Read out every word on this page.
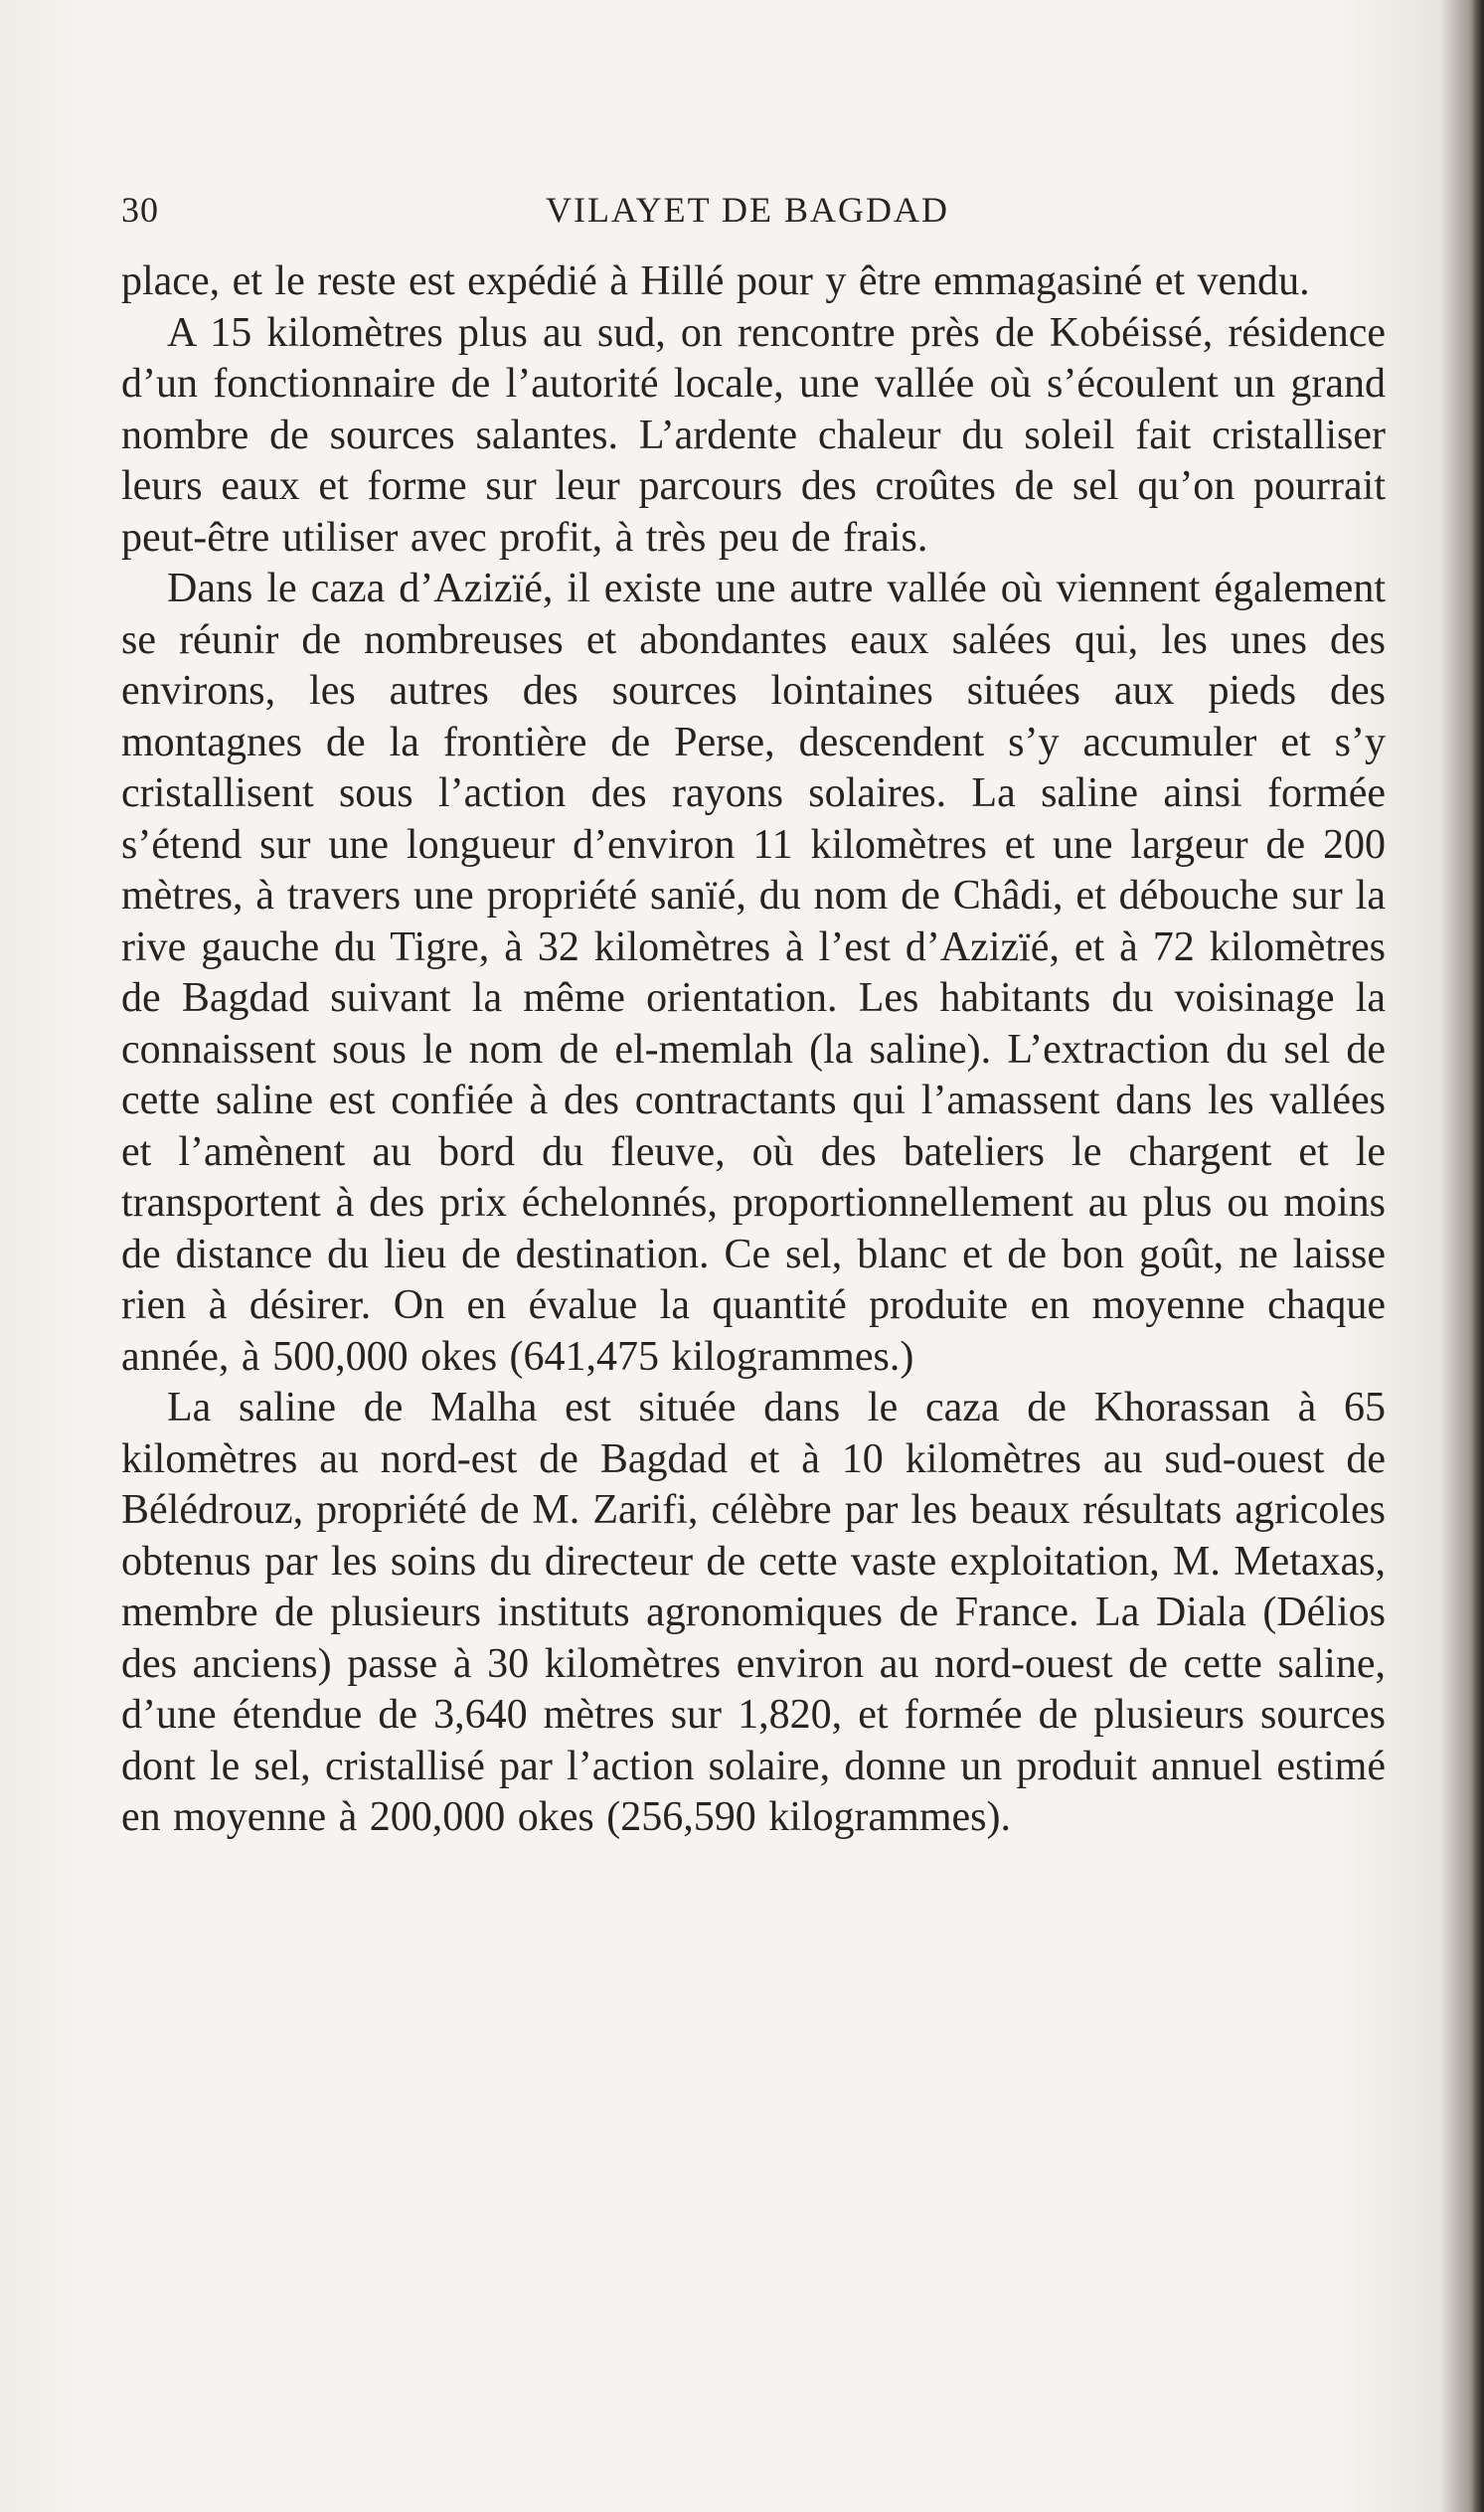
30	VILAYET DE BAGDAD

place, et le reste est expédié à Hillé pour y être emmagasiné et vendu.

A 15 kilomètres plus au sud, on rencontre près de Kobéissé, résidence d’un fonctionnaire de l’autorité locale, une vallée où s’écoulent un grand nombre de sources salantes. L’ardente chaleur du soleil fait cristalliser leurs eaux et forme sur leur parcours des croûtes de sel qu’on pourrait peut-être utiliser avec profit, à très peu de frais.

Dans le caza d’Azizïé, il existe une autre vallée où viennent également se réunir de nombreuses et abondantes eaux salées qui, les unes des environs, les autres des sources lointaines situées aux pieds des montagnes de la frontière de Perse, descendent s’y accumuler et s’y cristallisent sous l’action des rayons solaires. La saline ainsi formée s’étend sur une longueur d’environ 11 kilomètres et une largeur de 200 mètres, à travers une propriété sanïé, du nom de Châdi, et débouche sur la rive gauche du Tigre, à 32 kilomètres à l’est d’Azizïé, et à 72 kilomètres de Bagdad suivant la même orientation. Les habitants du voisinage la connaissent sous le nom de el-memlah (la saline). L’extraction du sel de cette saline est confiée à des contractants qui l’amassent dans les vallées et l’amènent au bord du fleuve, où des bateliers le chargent et le transportent à des prix échelonnés, proportionnellement au plus ou moins de distance du lieu de destination. Ce sel, blanc et de bon goût, ne laisse rien à désirer. On en évalue la quantité produite en moyenne chaque année, à 500,000 okes (641,475 kilogrammes.)

La saline de Malha est située dans le caza de Khorassan à 65 kilomètres au nord-est de Bagdad et à 10 kilomètres au sud-ouest de Bélédrouz, propriété de M. Zarifi, célèbre par les beaux résultats agricoles obtenus par les soins du directeur de cette vaste exploitation, M. Metaxas, membre de plusieurs instituts agronomiques de France. La Diala (Délios des anciens) passe à 30 kilomètres environ au nord-ouest de cette saline, d’une étendue de 3,640 mètres sur 1,820, et formée de plusieurs sources dont le sel, cristallisé par l’action solaire, donne un produit annuel estimé en moyenne à 200,000 okes (256,590 kilogrammes).
